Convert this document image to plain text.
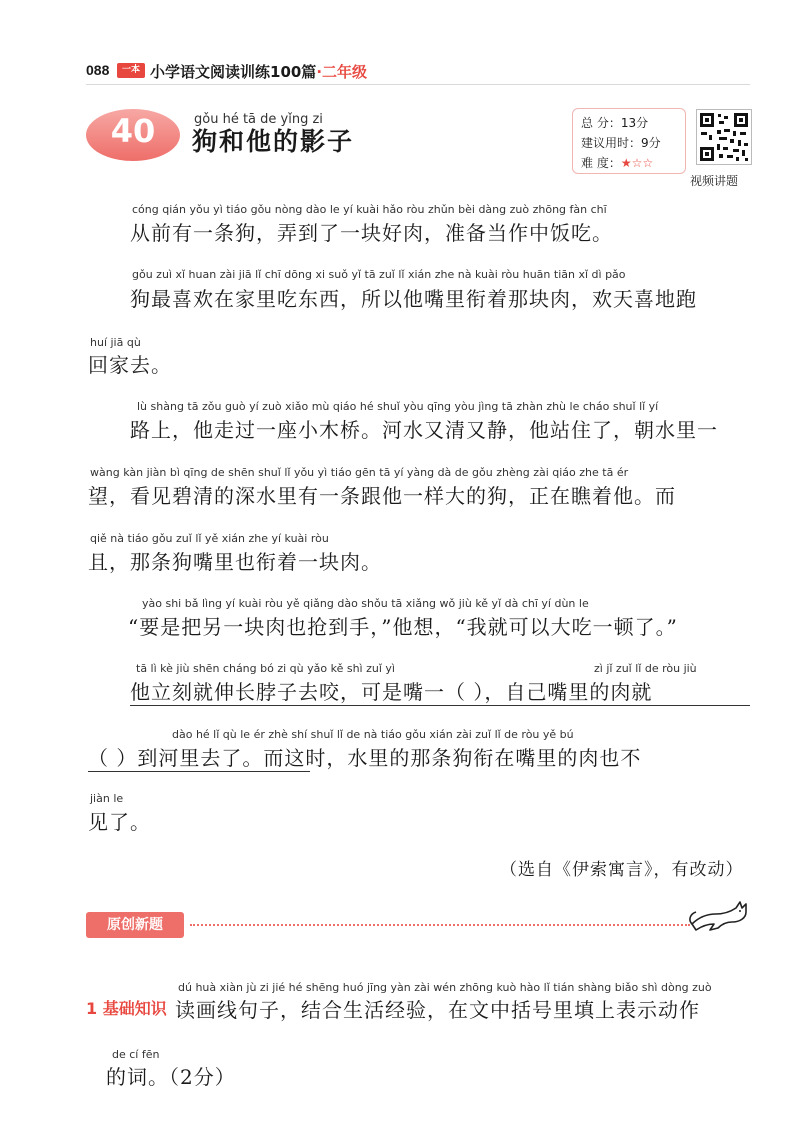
088	一本 小学语文阅读训练100篇·二年级
40	gǒu hé tā de yǐng zi
狗和他的影子
总 分：13分
建议用时：9分
难 度：★☆☆
视频讲题
cóng qián yǒu yì tiáo gǒu nòng dào le yí kuài hǎo ròu zhǔn bèi dàng zuò zhōng fàn chī
从前有一条狗，弄到了一块好肉，准备当作中饭吃。
gǒu zuì xǐ huan zài jiā lǐ chī dōng xi suǒ yǐ tā zuǐ lǐ xián zhe nà kuài ròu huān tiān xǐ dì pǎo
狗最喜欢在家里吃东西，所以他嘴里衔着那块肉，欢天喜地跑
huí jiā qù
回家去。
lù shàng tā zǒu guò yí zuò xiǎo mù qiáo hé shuǐ yòu qīng yòu jìng tā zhàn zhù le cháo shuǐ lǐ yí
路上，他走过一座小木桥。河水又清又静，他站住了，朝水里一
wàng kàn jiàn bì qīng de shēn shuǐ lǐ yǒu yì tiáo gēn tā yí yàng dà de gǒu zhèng zài qiáo zhe tā ér
望，看见碧清的深水里有一条跟他一样大的狗，正在瞧着他。而
qiě nà tiáo gǒu zuǐ lǐ yě xián zhe yí kuài ròu
且，那条狗嘴里也衔着一块肉。
yào shi bǎ lìng yí kuài ròu yě qiǎng dào shǒu tā xiǎng wǒ jiù kě yǐ dà chī yí dùn le
“要是把另一块肉也抢到手，”他想，“我就可以大吃一顿了。”
tā lì kè jiù shēn cháng bó zi qù yǎo kě shì zuǐ yì	zì jǐ zuǐ lǐ de ròu jiù
他立刻就伸长脖子去咬，可是嘴一（ ），自己嘴里的肉就
dào hé lǐ qù le ér zhè shí shuǐ lǐ de nà tiáo gǒu xián zài zuǐ lǐ de ròu yě bú
（ ）到河里去了。而这时，水里的那条狗衔在嘴里的肉也不
jiàn le
见了。
（选自《伊索寓言》，有改动）
原创新题
1 基础知识
dú huà xiàn jù zi jié hé shēng huó jīng yàn zài wén zhōng kuò hào lǐ tián shàng biǎo shì dòng zuò
读画线句子，结合生活经验，在文中括号里填上表示动作
de cí fēn
的词。（2分）
